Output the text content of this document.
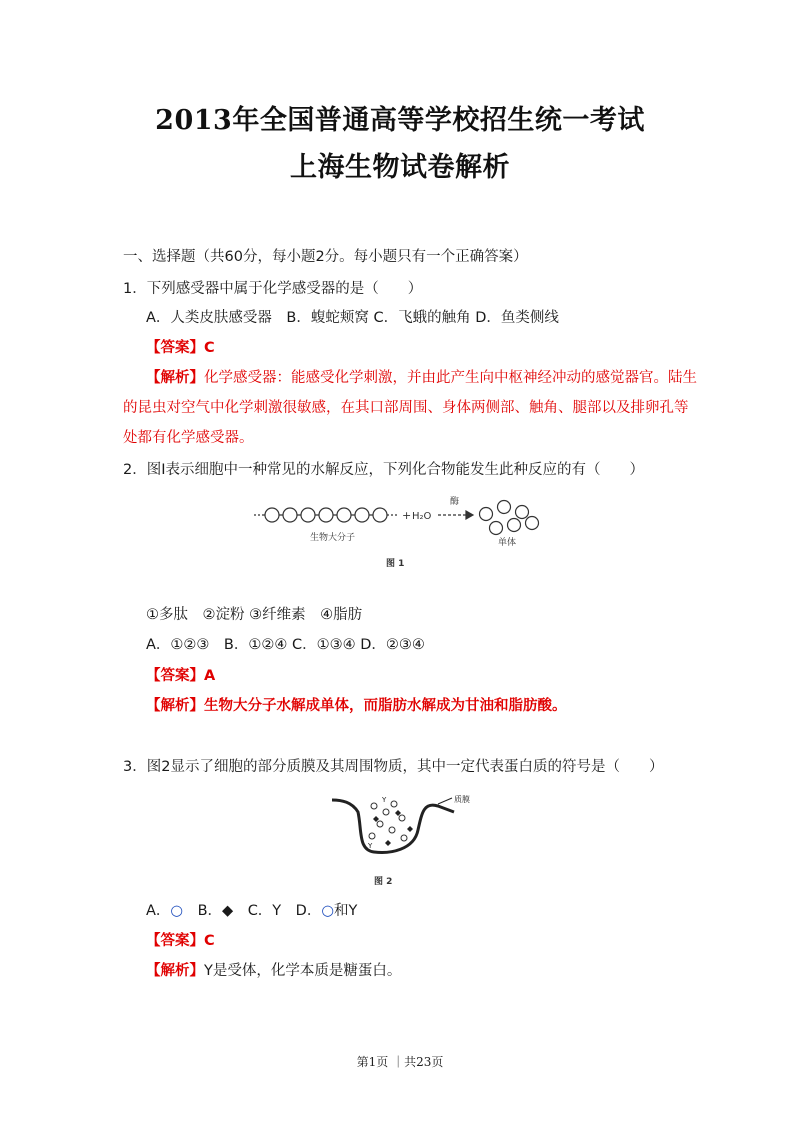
2013年全国普通高等学校招生统一考试
上海生物试卷解析
一、选择题（共60分，每小题2分。每小题只有一个正确答案）
1．下列感受器中属于化学感受器的是（　　）
A．人类皮肤感受器　B．蝮蛇颊窝 C．飞蛾的触角 D．鱼类侧线
【答案】C
【解析】化学感受器：能感受化学刺激，并由此产生向中枢神经冲动的感觉器官。陆生
的昆虫对空气中化学刺激很敏感，在其口部周围、身体两侧部、触角、腿部以及排卵孔等
处都有化学感受器。
2．图Ⅰ表示细胞中一种常见的水解反应，下列化合物能发生此种反应的有（　　）
+ H₂O
酶
生物大分子	单体
图 1
①多肽　②淀粉 ③纤维素　④脂肪
A．①②③　B．①②④ C．①③④ D．②③④
【答案】A
【解析】生物大分子水解成单体，而脂肪水解成为甘油和脂肪酸。
3．图2显示了细胞的部分质膜及其周围物质，其中一定代表蛋白质的符号是（　　）
质膜
Y
Y
图 2
A．○　 B．◆　 C．Y　 D．○和Y
【答案】C
【解析】Y是受体，化学本质是糖蛋白。
第1页 ｜共23页
